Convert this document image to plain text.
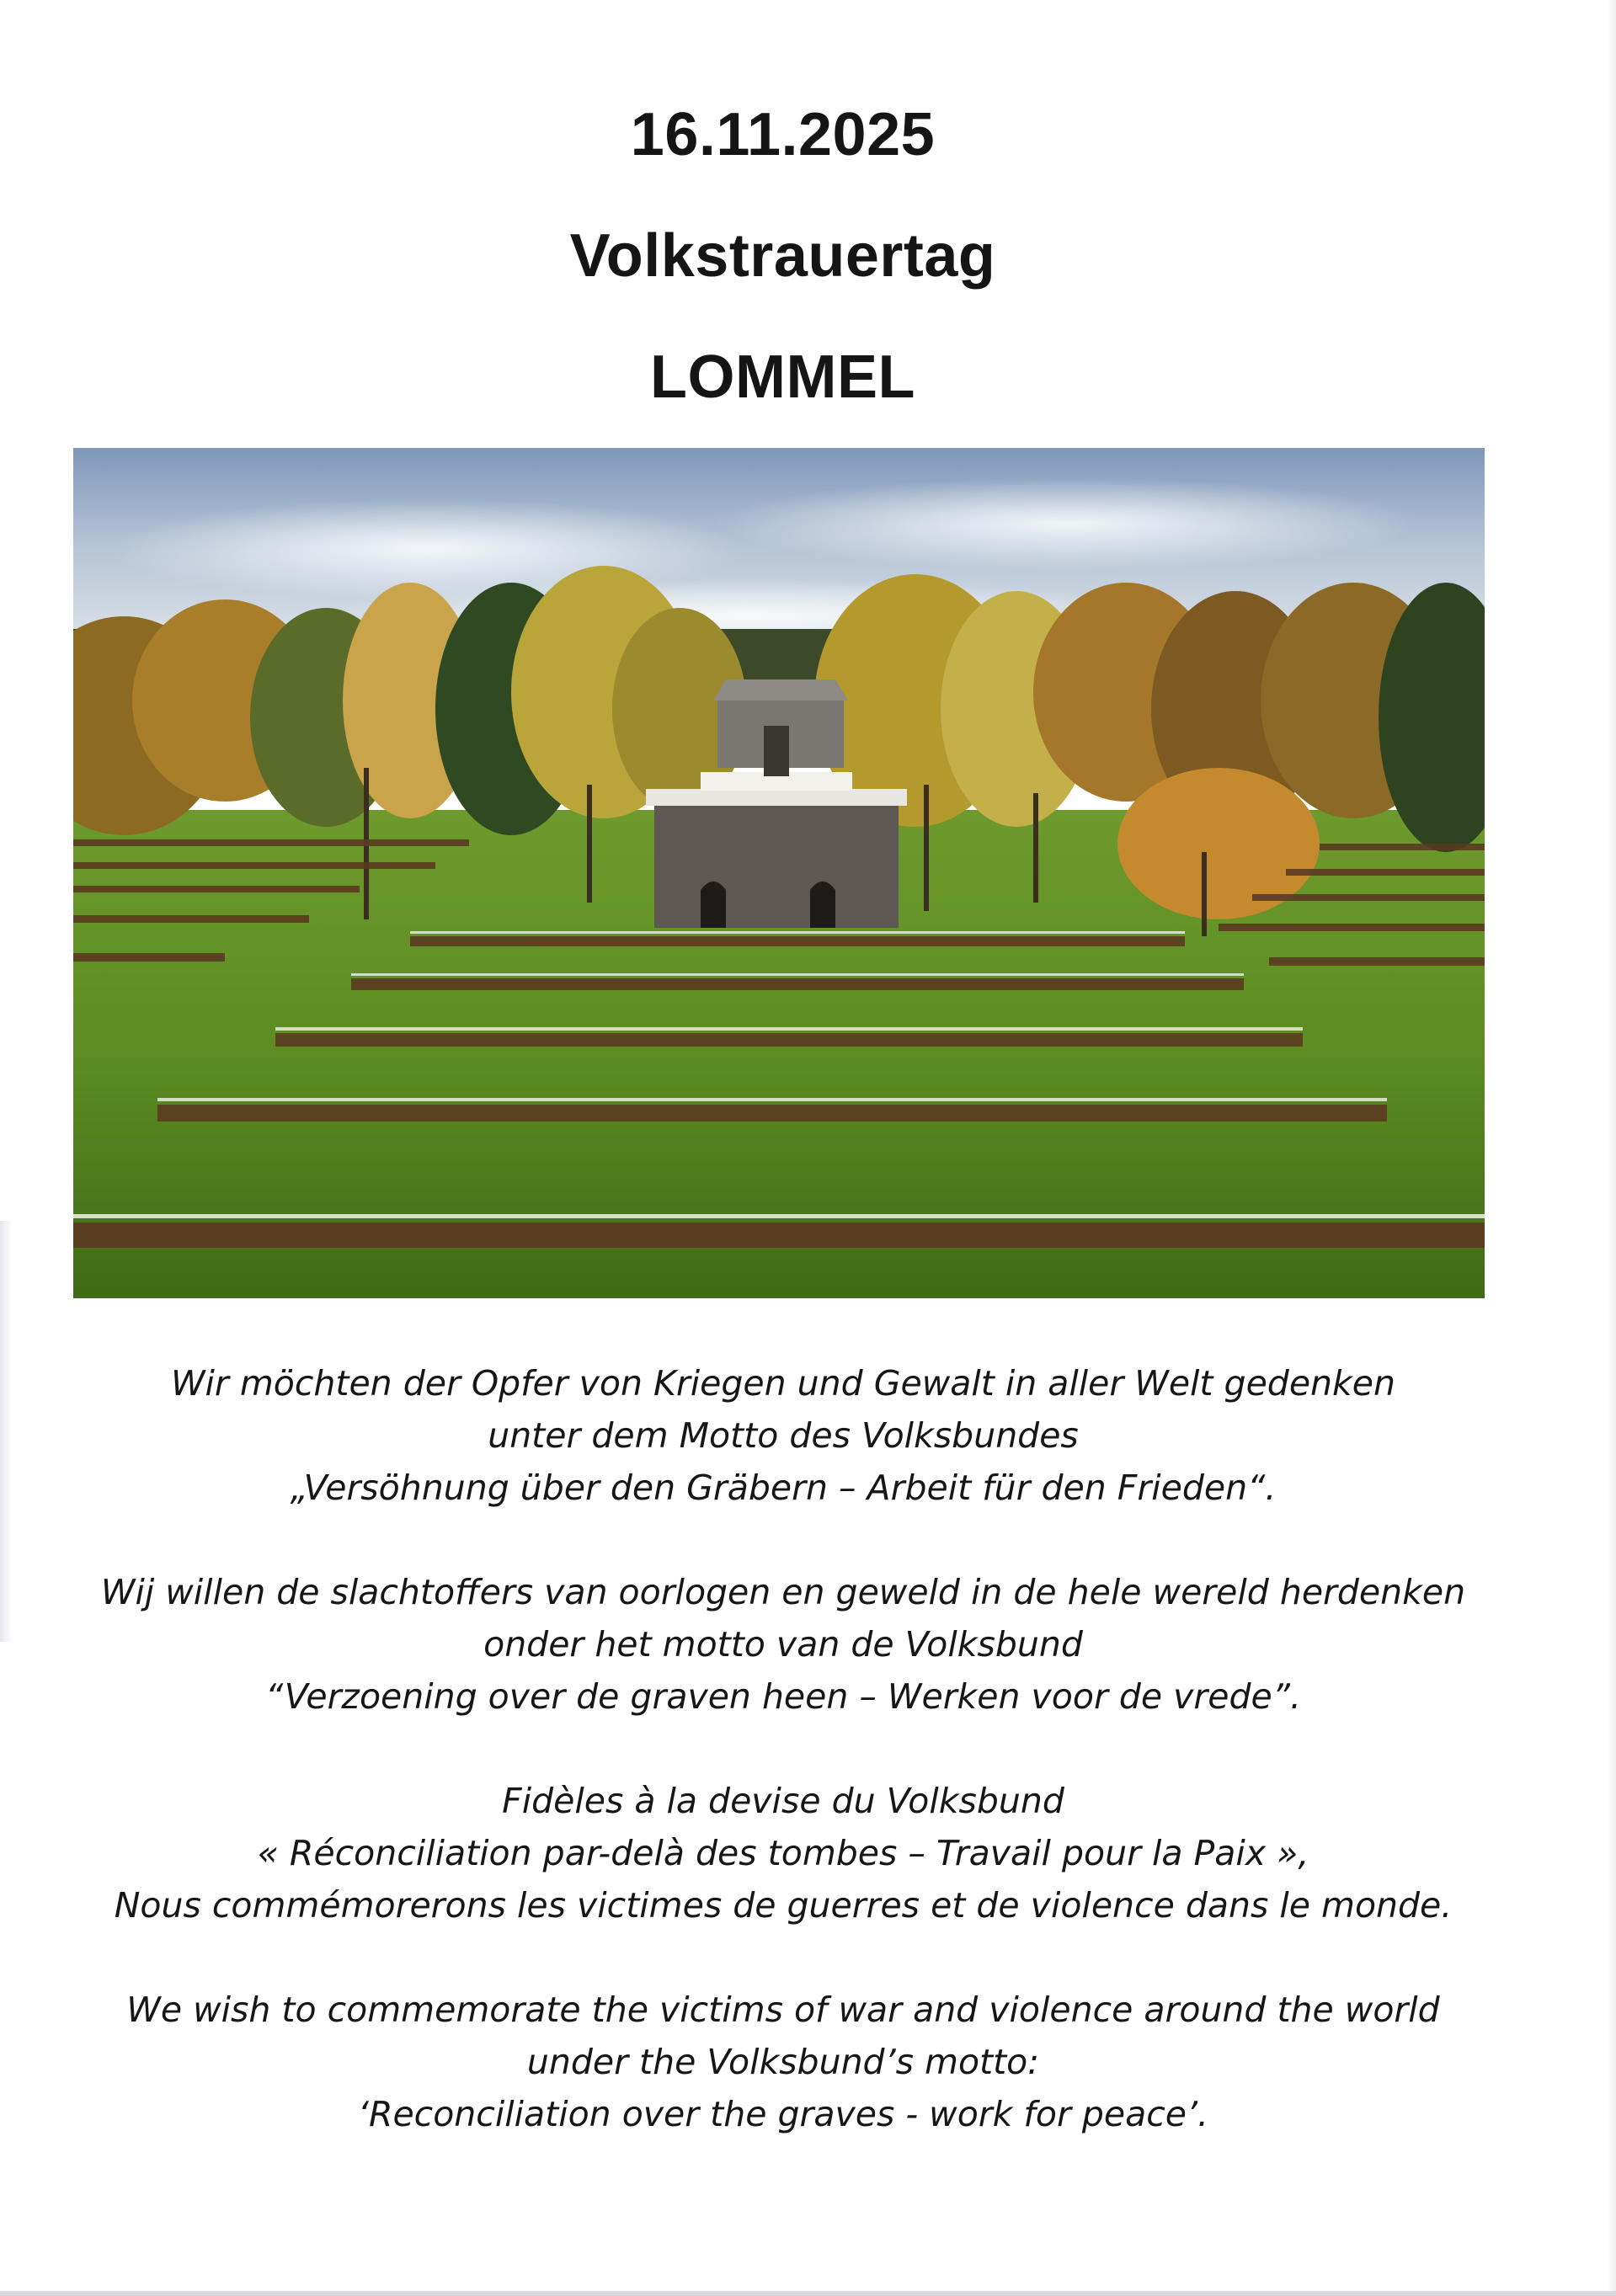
16.11.2025
Volkstrauertag
LOMMEL
Wir möchten der Opfer von Kriegen und Gewalt in aller Welt gedenken
unter dem Motto des Volksbundes
„Versöhnung über den Gräbern – Arbeit für den Frieden“.
Wij willen de slachtoffers van oorlogen en geweld in de hele wereld herdenken
onder het motto van de Volksbund
“Verzoening over de graven heen – Werken voor de vrede”.
Fidèles à la devise du Volksbund
« Réconciliation par-delà des tombes – Travail pour la Paix »,
Nous commémorerons les victimes de guerres et de violence dans le monde.
We wish to commemorate the victims of war and violence around the world
under the Volksbund’s motto:
‘Reconciliation over the graves - work for peace’.
